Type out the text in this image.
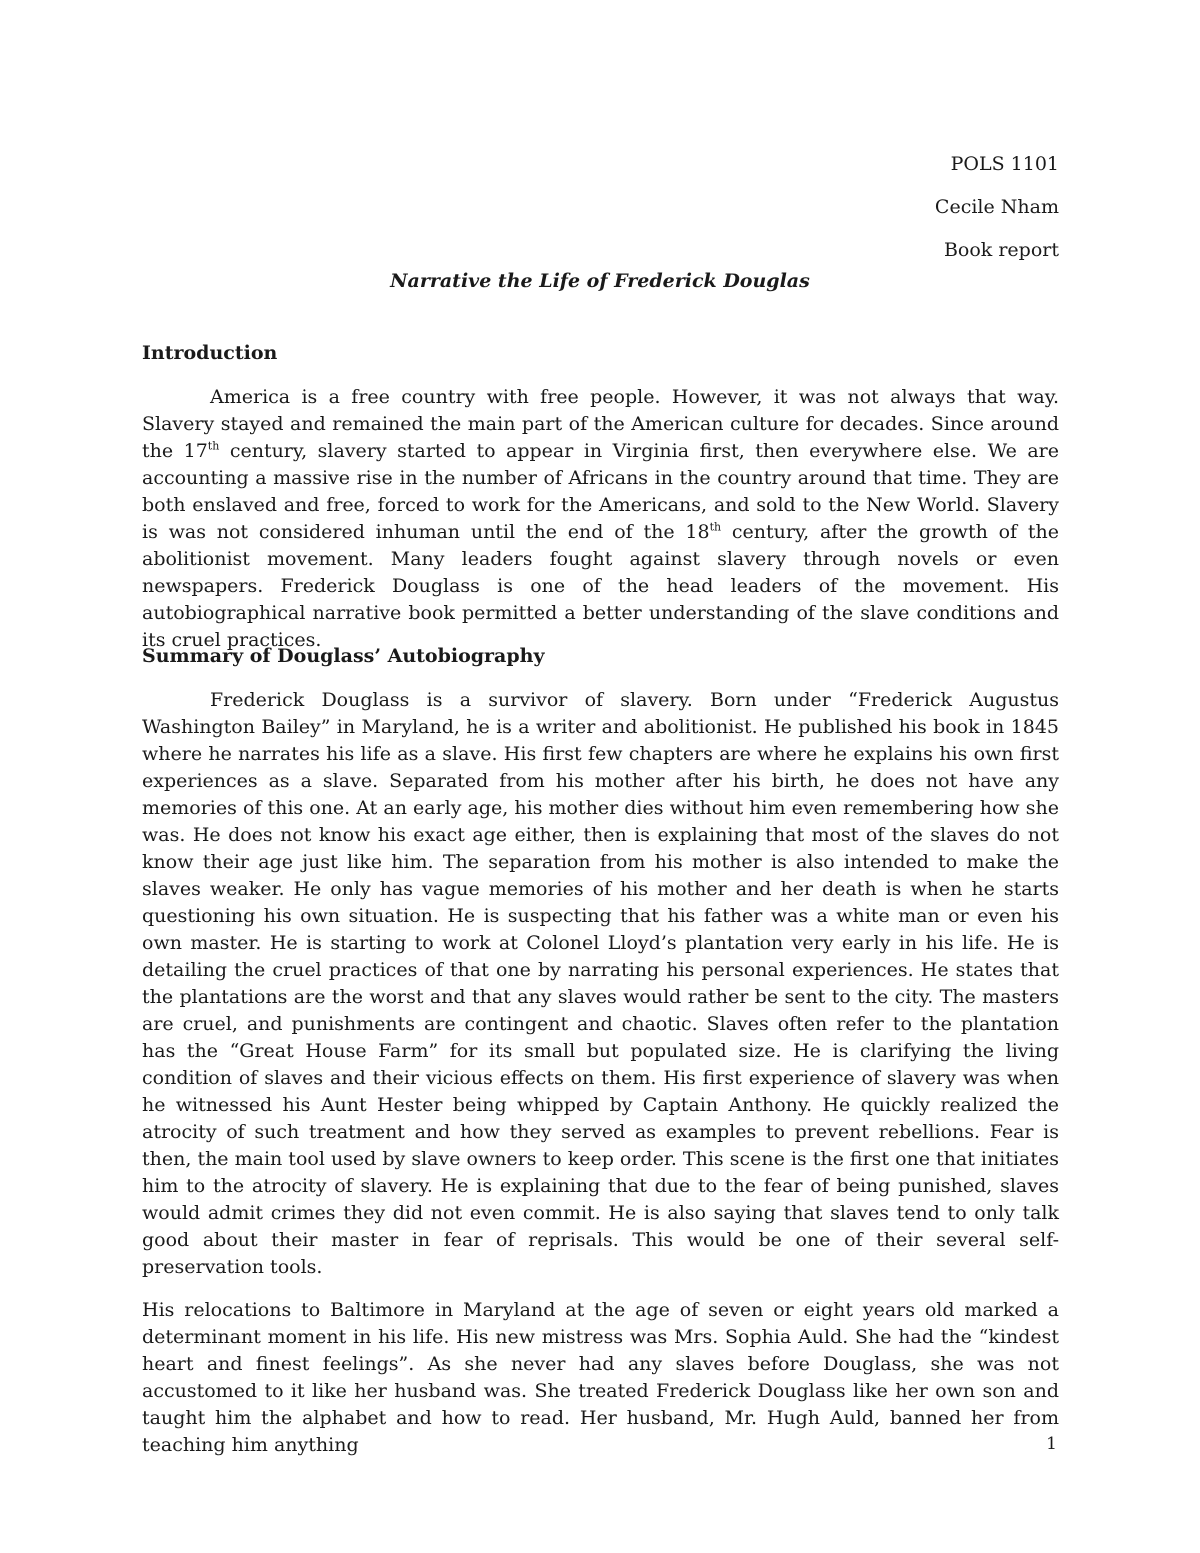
POLS 1101
Cecile Nham
Book report
Narrative the Life of Frederick Douglas

Introduction

America is a free country with free people. However, it was not always that way. Slavery stayed and remained the main part of the American culture for decades. Since around the 17th century, slavery started to appear in Virginia first, then everywhere else. We are accounting a massive rise in the number of Africans in the country around that time. They are both enslaved and free, forced to work for the Americans, and sold to the New World. Slavery is was not considered inhuman until the end of the 18th century, after the growth of the abolitionist movement. Many leaders fought against slavery through novels or even newspapers. Frederick Douglass is one of the head leaders of the movement. His autobiographical narrative book permitted a better understanding of the slave conditions and its cruel practices.

Summary of Douglass’ Autobiography

Frederick Douglass is a survivor of slavery. Born under “Frederick Augustus Washington Bailey” in Maryland, he is a writer and abolitionist. He published his book in 1845 where he narrates his life as a slave. His first few chapters are where he explains his own first experiences as a slave. Separated from his mother after his birth, he does not have any memories of this one. At an early age, his mother dies without him even remembering how she was. He does not know his exact age either, then is explaining that most of the slaves do not know their age just like him. The separation from his mother is also intended to make the slaves weaker. He only has vague memories of his mother and her death is when he starts questioning his own situation. He is suspecting that his father was a white man or even his own master. He is starting to work at Colonel Lloyd’s plantation very early in his life. He is detailing the cruel practices of that one by narrating his personal experiences. He states that the plantations are the worst and that any slaves would rather be sent to the city. The masters are cruel, and punishments are contingent and chaotic. Slaves often refer to the plantation has the “Great House Farm” for its small but populated size. He is clarifying the living condition of slaves and their vicious effects on them. His first experience of slavery was when he witnessed his Aunt Hester being whipped by Captain Anthony. He quickly realized the atrocity of such treatment and how they served as examples to prevent rebellions. Fear is then, the main tool used by slave owners to keep order. This scene is the first one that initiates him to the atrocity of slavery. He is explaining that due to the fear of being punished, slaves would admit crimes they did not even commit. He is also saying that slaves tend to only talk good about their master in fear of reprisals. This would be one of their several self-preservation tools.

His relocations to Baltimore in Maryland at the age of seven or eight years old marked a determinant moment in his life. His new mistress was Mrs. Sophia Auld. She had the “kindest heart and finest feelings”. As she never had any slaves before Douglass, she was not accustomed to it like her husband was. She treated Frederick Douglass like her own son and taught him the alphabet and how to read. Her husband, Mr. Hugh Auld, banned her from teaching him anything	1
